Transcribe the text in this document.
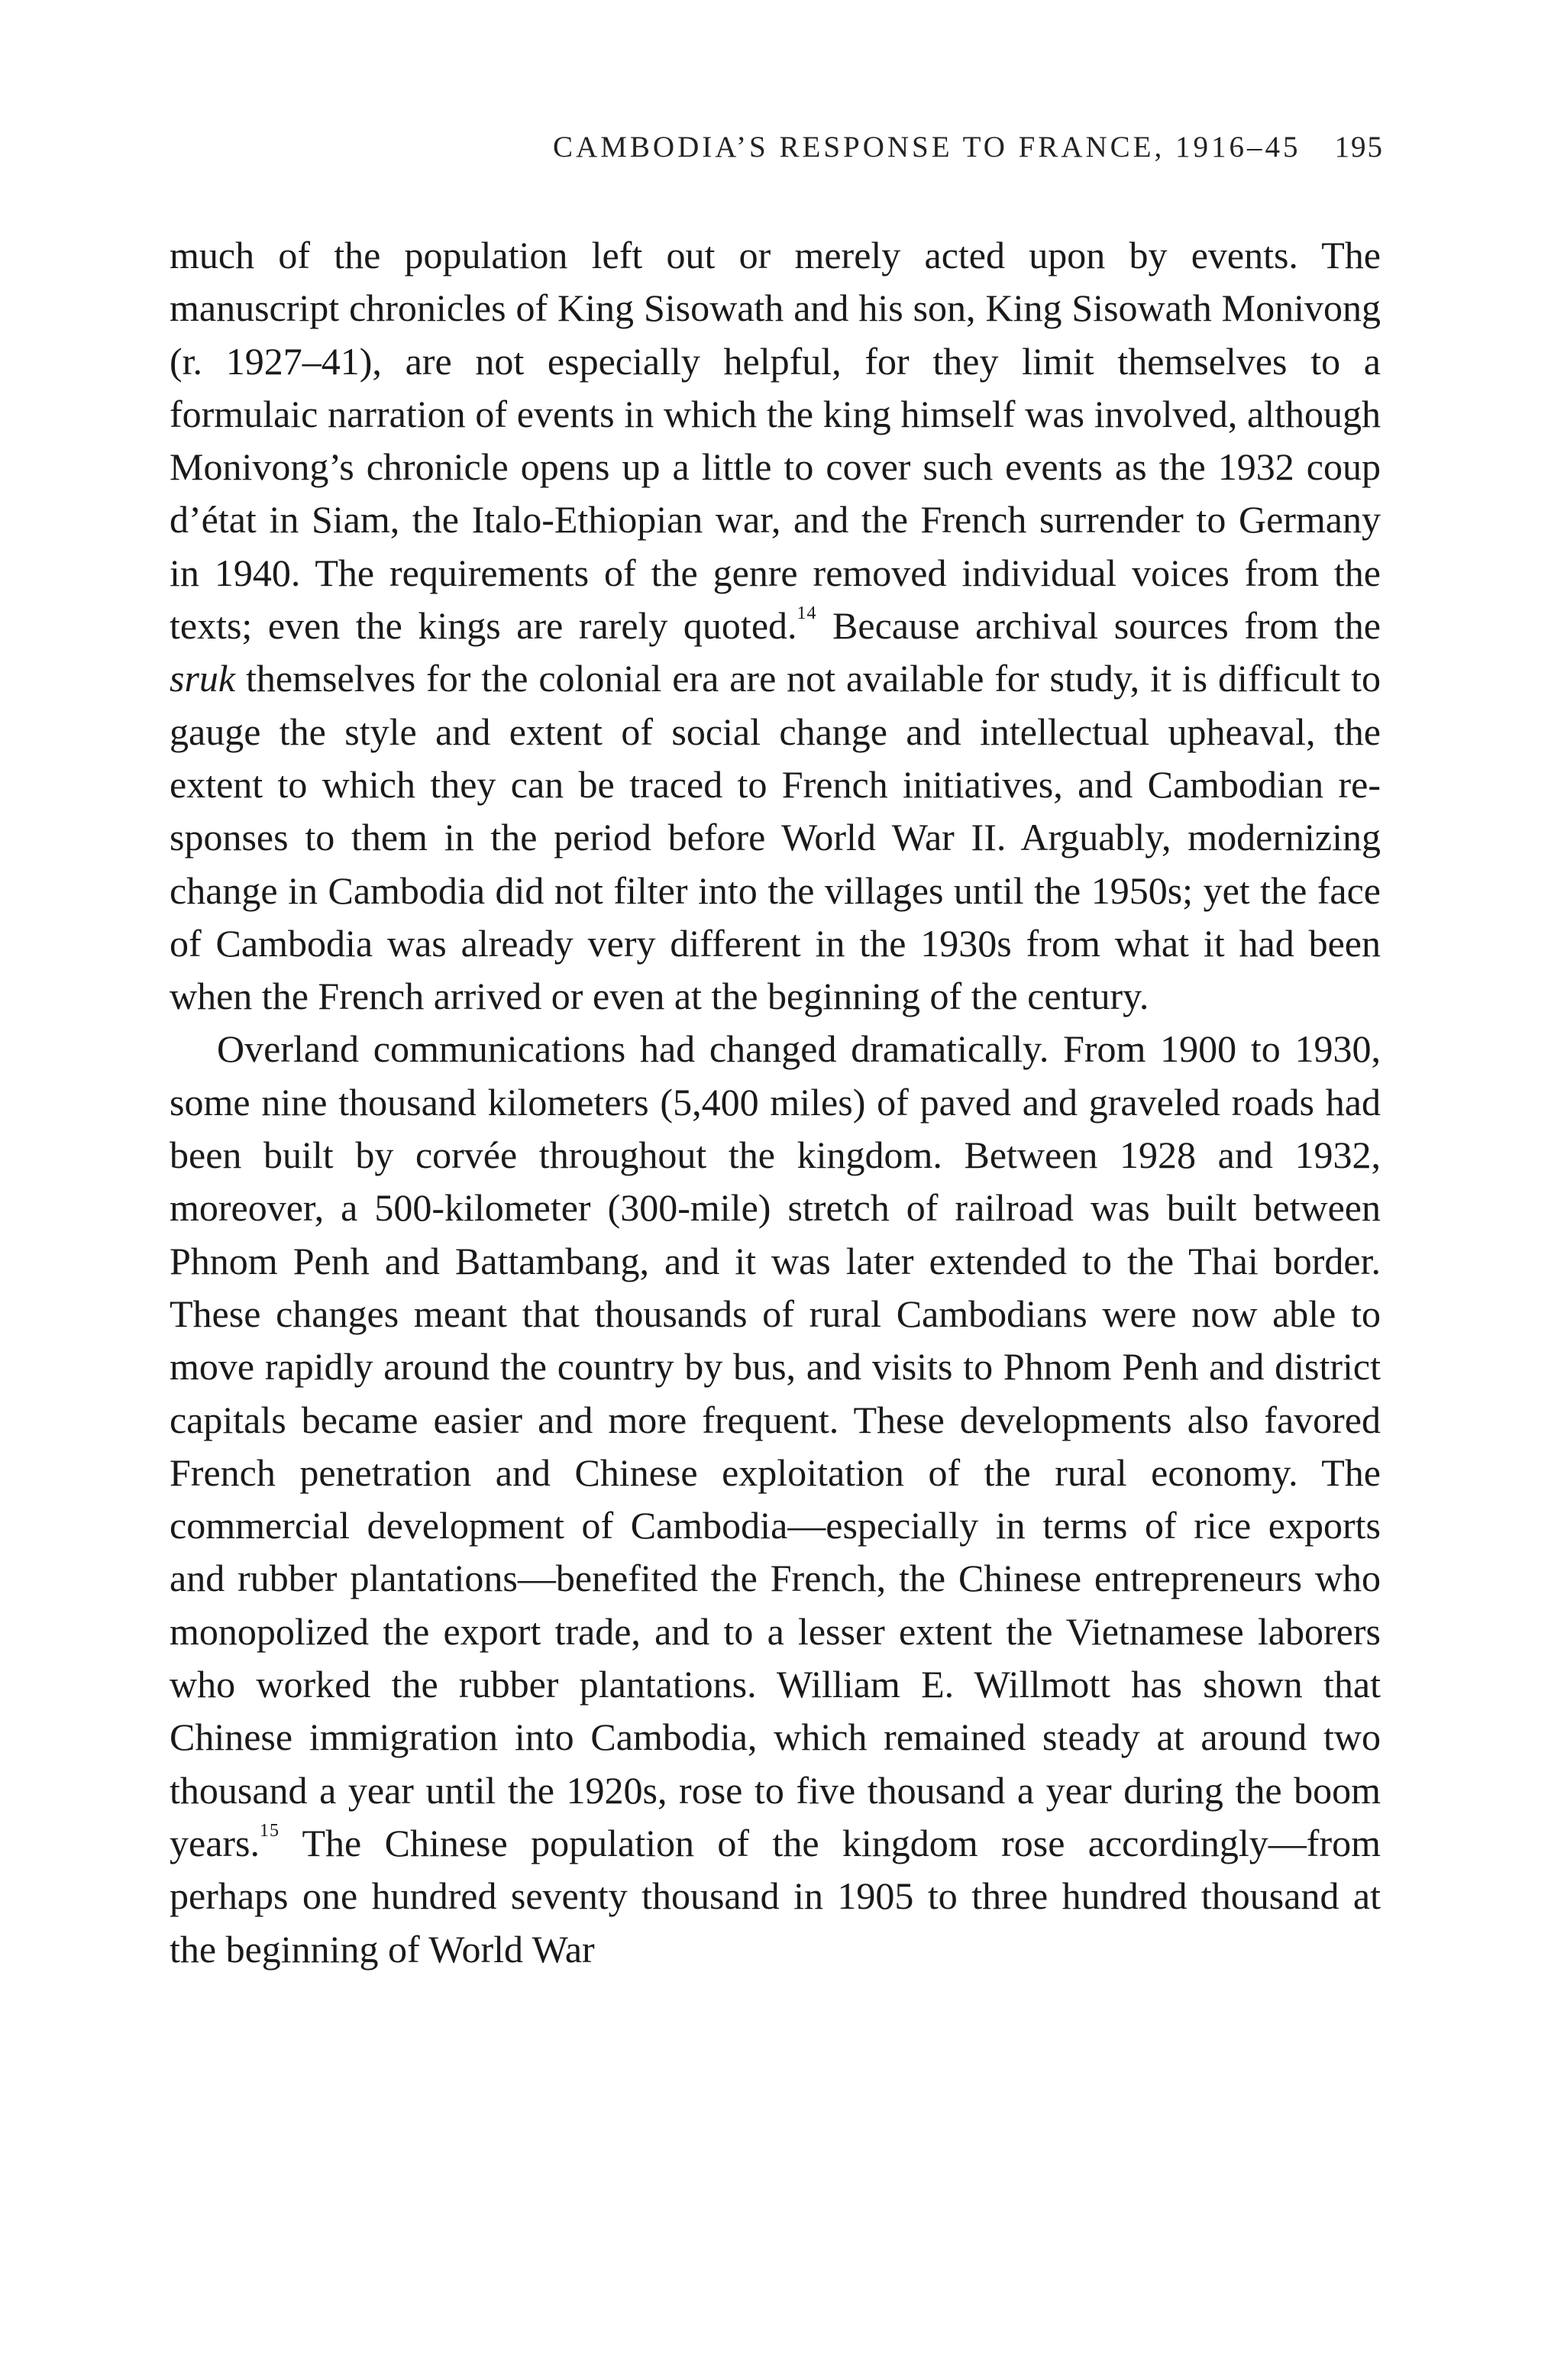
CAMBODIA’S RESPONSE TO FRANCE, 1916–45 195

much of the population left out or merely acted upon by events. The manuscript chronicles of King Sisowath and his son, King Sisowath Monivong (r. 1927–41), are not especially helpful, for they limit themselves to a formulaic narration of events in which the king himself was involved, although Monivong’s chronicle opens up a little to cover such events as the 1932 coup d’état in Siam, the Italo-Ethiopian war, and the French surrender to Germany in 1940. The requirements of the genre removed individual voices from the texts; even the kings are rarely quoted.$^{14}$ Because archival sources from the sruk themselves for the colonial era are not available for study, it is difficult to gauge the style and extent of social change and intellectual upheaval, the extent to which they can be traced to French initiatives, and Cambodian responses to them in the period before World War II. Arguably, modernizing change in Cambodia did not filter into the villages until the 1950s; yet the face of Cambodia was already very different in the 1930s from what it had been when the French arrived or even at the beginning of the century.

Overland communications had changed dramatically. From 1900 to 1930, some nine thousand kilometers (5,400 miles) of paved and graveled roads had been built by corvée throughout the kingdom. Between 1928 and 1932, moreover, a 500-kilometer (300-mile) stretch of railroad was built between Phnom Penh and Battambang, and it was later extended to the Thai border. These changes meant that thousands of rural Cambodians were now able to move rapidly around the country by bus, and visits to Phnom Penh and district capitals became easier and more frequent. These developments also favored French penetration and Chinese exploitation of the rural economy. The commercial development of Cambodia—especially in terms of rice exports and rubber plantations—benefited the French, the Chinese entrepreneurs who monopolized the export trade, and to a lesser extent the Vietnamese laborers who worked the rubber plantations. William E. Willmott has shown that Chinese immigration into Cambodia, which remained steady at around two thousand a year until the 1920s, rose to five thousand a year during the boom years.$^{15}$ The Chinese population of the kingdom rose accordingly—from perhaps one hundred seventy thousand in 1905 to three hundred thousand at the beginning of World War
